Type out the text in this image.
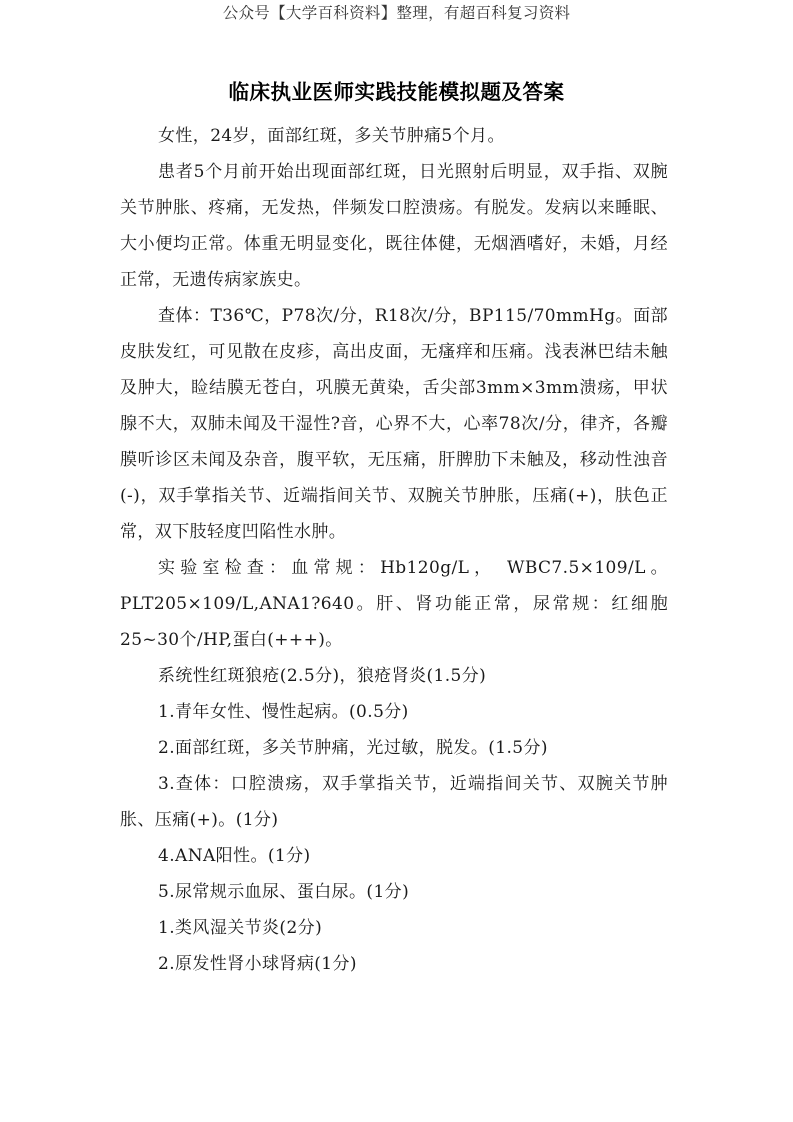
公众号【大学百科资料】整理，有超百科复习资料
临床执业医师实践技能模拟题及答案

女性，24岁，面部红斑，多关节肿痛5个月。

患者5个月前开始出现面部红斑，日光照射后明显，双手指、双腕关节肿胀、疼痛，无发热，伴频发口腔溃疡。有脱发。发病以来睡眠、大小便均正常。体重无明显变化，既往体健，无烟酒嗜好，未婚，月经正常，无遗传病家族史。

查体：T36℃，P78次/分，R18次/分，BP115/70mmHg。面部皮肤发红，可见散在皮疹，高出皮面，无瘙痒和压痛。浅表淋巴结未触及肿大，睑结膜无苍白，巩膜无黄染，舌尖部3mm×3mm溃疡，甲状腺不大，双肺未闻及干湿性?音，心界不大，心率78次/分，律齐，各瓣膜听诊区未闻及杂音，腹平软，无压痛，肝脾肋下未触及，移动性浊音(-)，双手掌指关节、近端指间关节、双腕关节肿胀，压痛(+)，肤色正常，双下肢轻度凹陷性水肿。

实验室检查：血常规：Hb120g/L， WBC7.5×109/L。PLT205×109/L,ANA1?640。肝、肾功能正常，尿常规：红细胞25~30个/HP,蛋白(+++)。

系统性红斑狼疮(2.5分)，狼疮肾炎(1.5分)

1.青年女性、慢性起病。(0.5分)

2.面部红斑，多关节肿痛，光过敏，脱发。(1.5分)

3.查体：口腔溃疡，双手掌指关节，近端指间关节、双腕关节肿胀、压痛(+)。(1分)

4.ANA阳性。(1分)

5.尿常规示血尿、蛋白尿。(1分)

1.类风湿关节炎(2分)

2.原发性肾小球肾病(1分)
